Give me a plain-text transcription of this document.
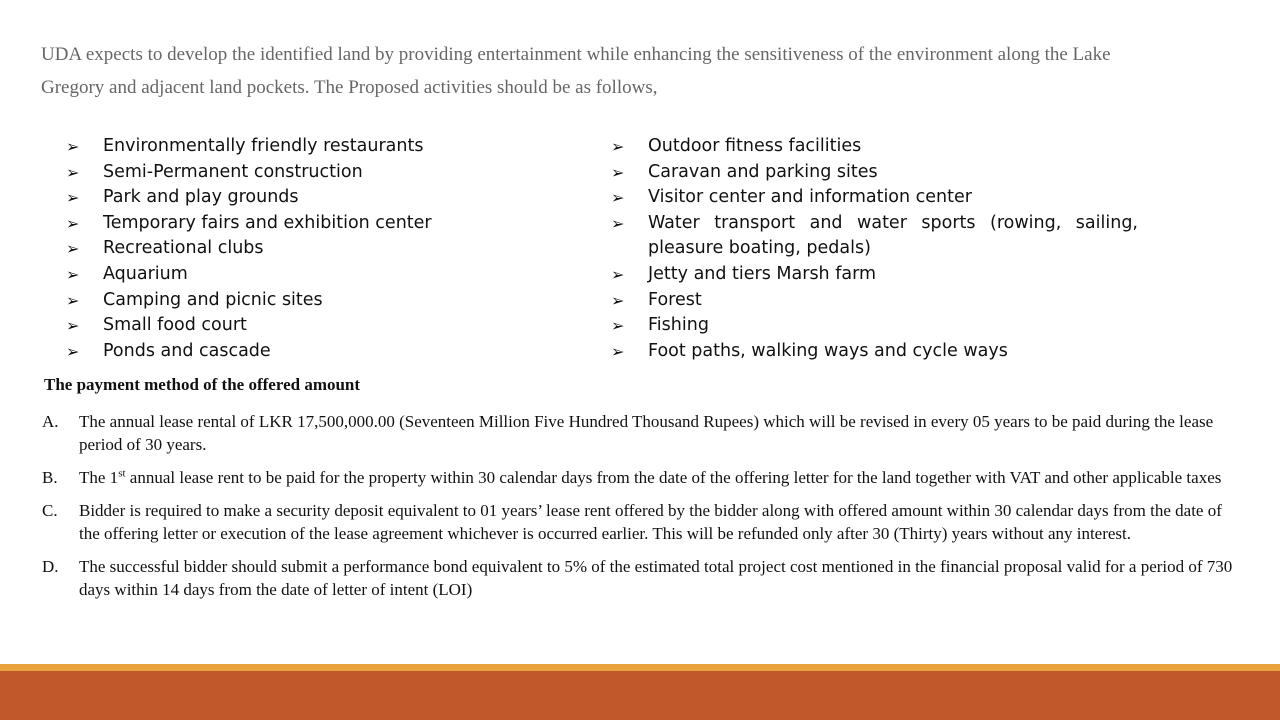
UDA expects to develop the identified land by providing entertainment while enhancing the sensitiveness of the environment along the Lake

Gregory and adjacent land pockets. The Proposed activities should be as follows,

➢	Environmentally friendly restaurants
➢	Semi-Permanent construction
➢	Park and play grounds
➢	Temporary fairs and exhibition center
➢	Recreational clubs
➢	Aquarium
➢	Camping and picnic sites
➢	Small food court
➢	Ponds and cascade
➢	Outdoor fitness facilities
➢	Caravan and parking sites
➢	Visitor center and information center
➢	Water transport and water sports (rowing, sailing, pleasure boating, pedals)
➢	Jetty and tiers Marsh farm
➢	Forest
➢	Fishing
➢	Foot paths, walking ways and cycle ways
The payment method of the offered amount
A.	The annual lease rental of LKR 17,500,000.00 (Seventeen Million Five Hundred Thousand Rupees) which will be revised in every 05 years to be paid during the lease period of 30 years.
B.	The 1st annual lease rent to be paid for the property within 30 calendar days from the date of the offering letter for the land together with VAT and other applicable taxes
C.	Bidder is required to make a security deposit equivalent to 01 years’ lease rent offered by the bidder along with offered amount within 30 calendar days from the date of the offering letter or execution of the lease agreement whichever is occurred earlier. This will be refunded only after 30 (Thirty) years without any interest.
D.	The successful bidder should submit a performance bond equivalent to 5% of the estimated total project cost mentioned in the financial proposal valid for a period of 730 days within 14 days from the date of letter of intent (LOI)
